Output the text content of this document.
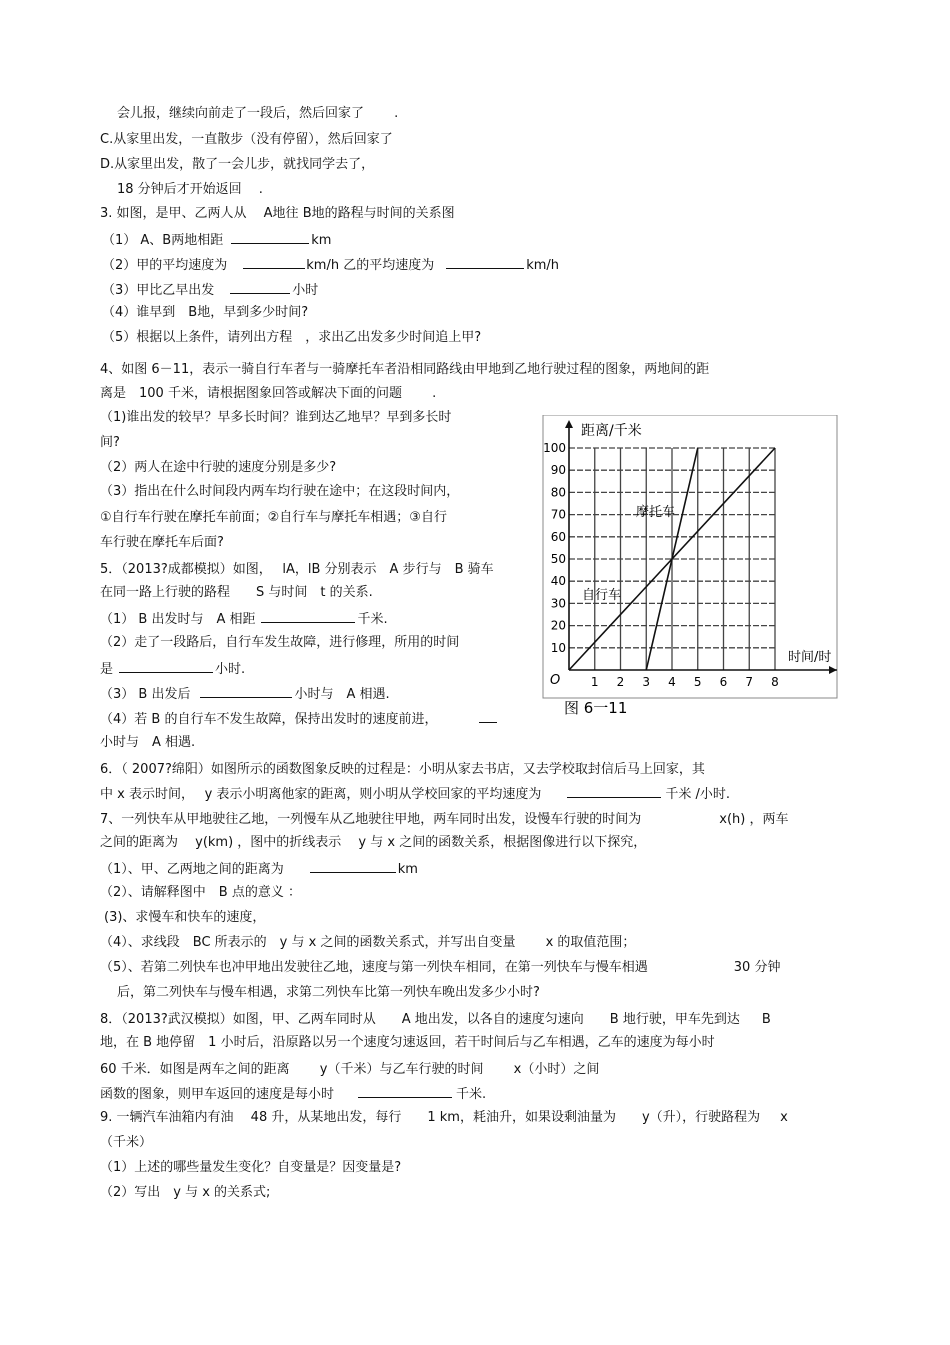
会儿报，继续向前走了一段后，然后回家了　　 .
C.从家里出发，一直散步（没有停留），然后回家了
D.从家里出发，散了一会儿步，就找同学去了，
18 分钟后才开始返回　 .
3. 如图，是甲、乙两人从　 A地往 B地的路程与时间的关系图
（1） A、B两地相距	km
（2）甲的平均速度为	km/h 乙的平均速度为	km/h
（3）甲比乙早出发	小时
（4）谁早到　B地，早到多少时间?
（5）根据以上条件，请列出方程　，求出乙出发多少时间追上甲?
4、如图 6－11，表示一骑自行车者与一骑摩托车者沿相同路线由甲地到乙地行驶过程的图象，两地间的距
离是　100 千米，请根据图象回答或解决下面的问题　　 .
（1)谁出发的较早？早多长时间？谁到达乙地早？早到多长时
间?
（2）两人在途中行驶的速度分别是多少?
（3）指出在什么时间段内两车均行驶在途中；在这段时间内，
①自行车行驶在摩托车前面；②自行车与摩托车相遇；③自行
车行驶在摩托车后面?
5．（2013?成都模拟）如图，　 lA，lB 分别表示　A 步行与　B 骑车
在同一路上行驶的路程　　S 与时间　t 的关系.
（1） B 出发时与　A 相距	千米.
（2）走了一段路后，自行车发生故障，进行修理，所用的时间
是	小时.
（3） B 出发后	小时与　A 相遇.
（4）若 B 的自行车不发生故障，保持出发时的速度前进，
小时与　A 相遇.
6．（ 2007?绵阳）如图所示的函数图象反映的过程是：小明从家去书店，又去学校取封信后马上回家，其
中 x 表示时间，　 y 表示小明离他家的距离，则小明从学校回家的平均速度为	千米 /小时.
7、一列快车从甲地驶往乙地，一列慢车从乙地驶往甲地，两车同时出发，设慢车行驶的时间为	x(h) ，两车
之间的距离为　 y(km) ，图中的折线表示　 y 与 x 之间的函数关系，根据图像进行以下探究，
（1）、甲、乙两地之间的距离为	km
（2）、请解释图中　B 点的意义 ：
(3)、求慢车和快车的速度，
（4）、求线段　BC 所表示的　y 与 x 之间的函数关系式，并写出自变量　　 x 的取值范围；
（5）、若第二列快车也冲甲地出发驶往乙地，速度与第一列快车相同，在第一列快车与慢车相遇	30 分钟
后，第二列快车与慢车相遇，求第二列快车比第一列快车晚出发多少小时?
8．（2013?武汉模拟）如图，甲、乙两车同时从　　A 地出发，以各自的速度匀速向　　B 地行驶，甲车先到达 B
地，在 B 地停留　1 小时后，沿原路以另一个速度匀速返回，若干时间后与乙车相遇，乙车的速度为每小时
60 千米．如图是两车之间的距离　　 y（千米）与乙车行驶的时间　　 x（小时）之间
函数的图象，则甲车返回的速度是每小时	千米.
9. 一辆汽车油箱内有油　 48 升，从某地出发，每行　　1 km，耗油升，如果设剩油量为　　y（升），行驶路程为 x
（千米）
（1）上述的哪些量发生变化？自变量是？因变量是?
（2）写出　y 与 x 的关系式;
1 2 3 4 5 6 7 8
10
20
30
40
50
60
70
80
90
100
距离/千米
时间/时
O
摩托车
自行车
图 6一11
